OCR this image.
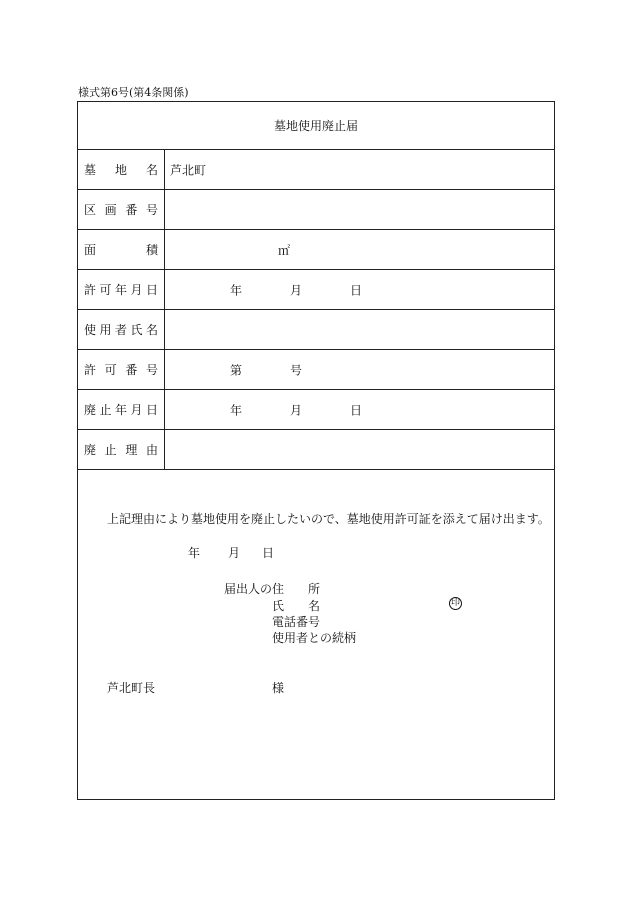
様式第6号(第4条関係)
墓地使用廃止届
墓 地 名 芦北町
区 画 番 号
面	積	㎡
許 可 年 月 日	年	月	日
使 用 者 氏 名
許 可 番 号	第	号
廃 止 年 月 日	年	月	日
廃 止 理 由
上記理由により墓地使用を廃止したいので、墓地使用許可証を添えて届け出ます。
年 月 日
届出人の住　　所
氏　　名	印
電話番号
使用者との続柄
芦北町長	様
